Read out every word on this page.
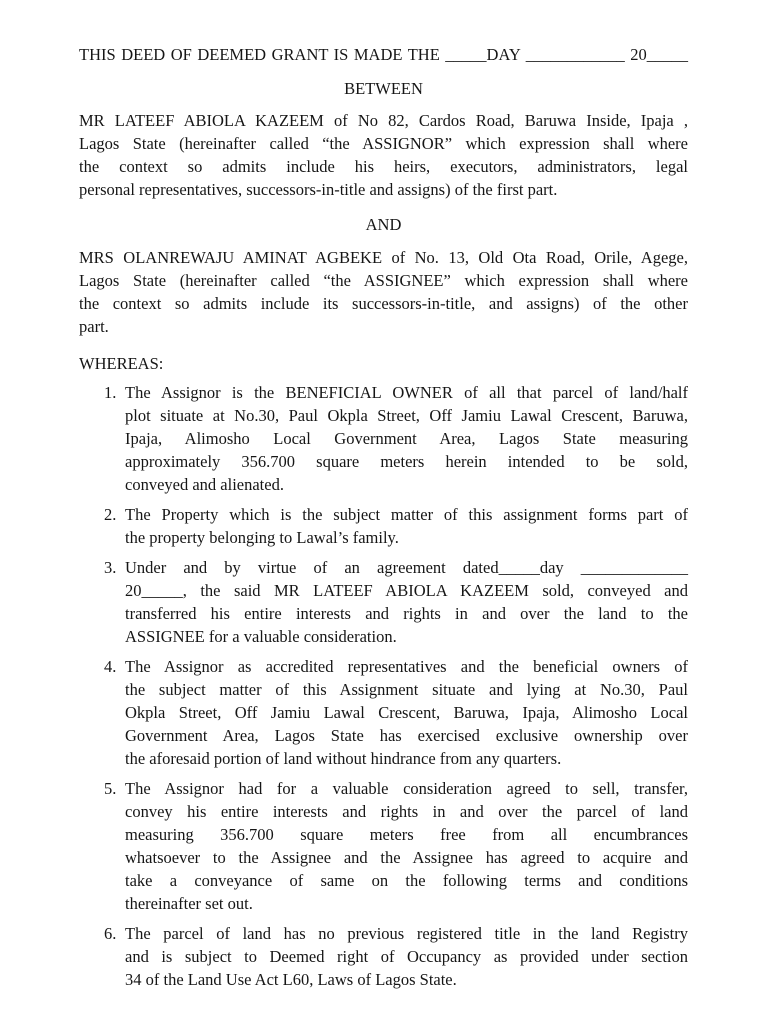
THIS DEED OF DEEMED GRANT IS MADE THE _____DAY ____________ 20_____
BETWEEN
MR LATEEF ABIOLA KAZEEM of No 82, Cardos Road, Baruwa Inside, Ipaja ,
Lagos State (hereinafter called “the ASSIGNOR” which expression shall where
the context so admits include his heirs, executors, administrators, legal
personal representatives, successors-in-title and assigns) of the first part.
AND
MRS OLANREWAJU AMINAT AGBEKE of No. 13, Old Ota Road, Orile, Agege,
Lagos State (hereinafter called “the ASSIGNEE” which expression shall where
the context so admits include its successors-in-title, and assigns) of the other
part.
WHEREAS:
1. The Assignor is the BENEFICIAL OWNER of all that parcel of land/half
plot situate at No.30, Paul Okpla Street, Off Jamiu Lawal Crescent, Baruwa,
Ipaja, Alimosho Local Government Area, Lagos State measuring
approximately 356.700 square meters herein intended to be sold,
conveyed and alienated.
2. The Property which is the subject matter of this assignment forms part of
the property belonging to Lawal’s family.
3. Under and by virtue of an agreement dated_____day _____________
20_____, the said MR LATEEF ABIOLA KAZEEM sold, conveyed and
transferred his entire interests and rights in and over the land to the
ASSIGNEE for a valuable consideration.
4. The Assignor as accredited representatives and the beneficial owners of
the subject matter of this Assignment situate and lying at No.30, Paul
Okpla Street, Off Jamiu Lawal Crescent, Baruwa, Ipaja, Alimosho Local
Government Area, Lagos State has exercised exclusive ownership over
the aforesaid portion of land without hindrance from any quarters.
5. The Assignor had for a valuable consideration agreed to sell, transfer,
convey his entire interests and rights in and over the parcel of land
measuring 356.700 square meters free from all encumbrances
whatsoever to the Assignee and the Assignee has agreed to acquire and
take a conveyance of same on the following terms and conditions
thereinafter set out.
6. The parcel of land has no previous registered title in the land Registry
and is subject to Deemed right of Occupancy as provided under section
34 of the Land Use Act L60, Laws of Lagos State.
